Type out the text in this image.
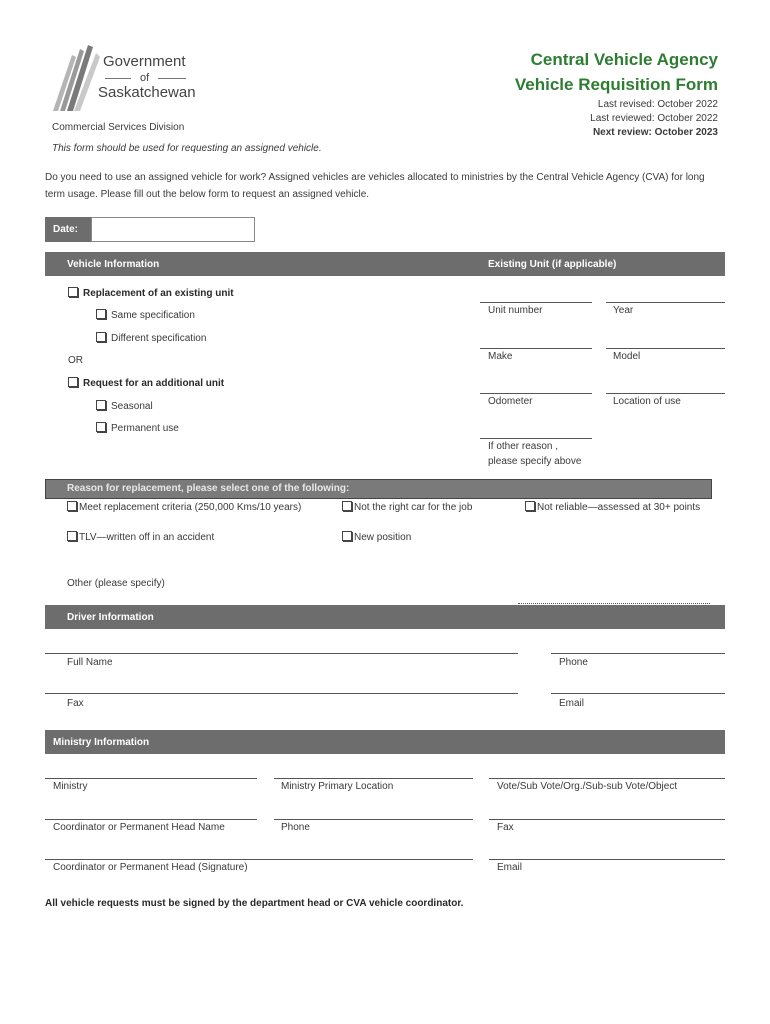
Government
of
Saskatchewan
Commercial Services Division
This form should be used for requesting an assigned vehicle.
Central Vehicle Agency
Vehicle Requisition Form
Last revised: October 2022
Last reviewed: October 2022
Next review: October 2023
Do you need to use an assigned vehicle for work? Assigned vehicles are vehicles allocated to ministries by the Central Vehicle Agency (CVA) for long
term usage. Please fill out the below form to request an assigned vehicle.
Date:
Vehicle Information	Existing Unit (if applicable)
Replacement of an existing unit
Same specification
Different specification
OR
Request for an additional unit
Seasonal
Permanent use
Unit number	Year
Make	Model
Odometer	Location of use
If other reason ,
please specify above
Reason for replacement, please select one of the following:
Meet replacement criteria (250,000 Kms/10 years)	Not the right car for the job	Not reliable—assessed at 30+ points
TLV—written off in an accident	New position
Other (please specify)
Driver Information
Full Name	Phone
Fax	Email
Ministry Information
Ministry	Ministry Primary Location	Vote/Sub Vote/Org./Sub-sub Vote/Object
Coordinator or Permanent Head Name	Phone	Fax
Coordinator or Permanent Head (Signature)	Email
All vehicle requests must be signed by the department head or CVA vehicle coordinator.
